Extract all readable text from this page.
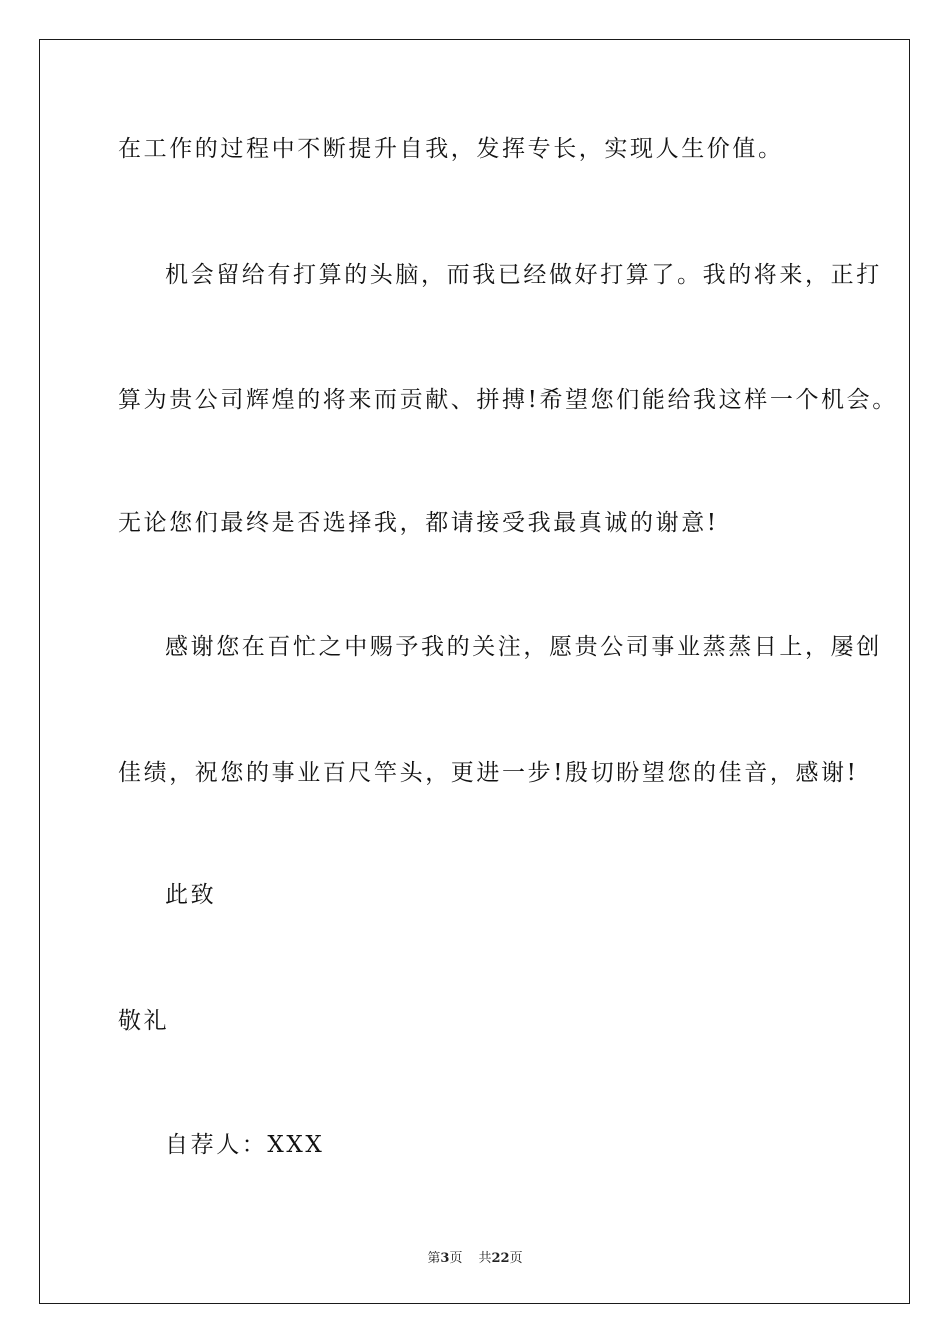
在工作的过程中不断提升自我，发挥专长，实现人生价值。

机会留给有打算的头脑，而我已经做好打算了。我的将来，正打

算为贵公司辉煌的将来而贡献、拼搏!希望您们能给我这样一个机会。

无论您们最终是否选择我，都请接受我最真诚的谢意!

感谢您在百忙之中赐予我的关注，愿贵公司事业蒸蒸日上，屡创

佳绩，祝您的事业百尺竿头，更进一步!殷切盼望您的佳音，感谢!

此致

敬礼

自荐人：XXX

第3页 共22页
